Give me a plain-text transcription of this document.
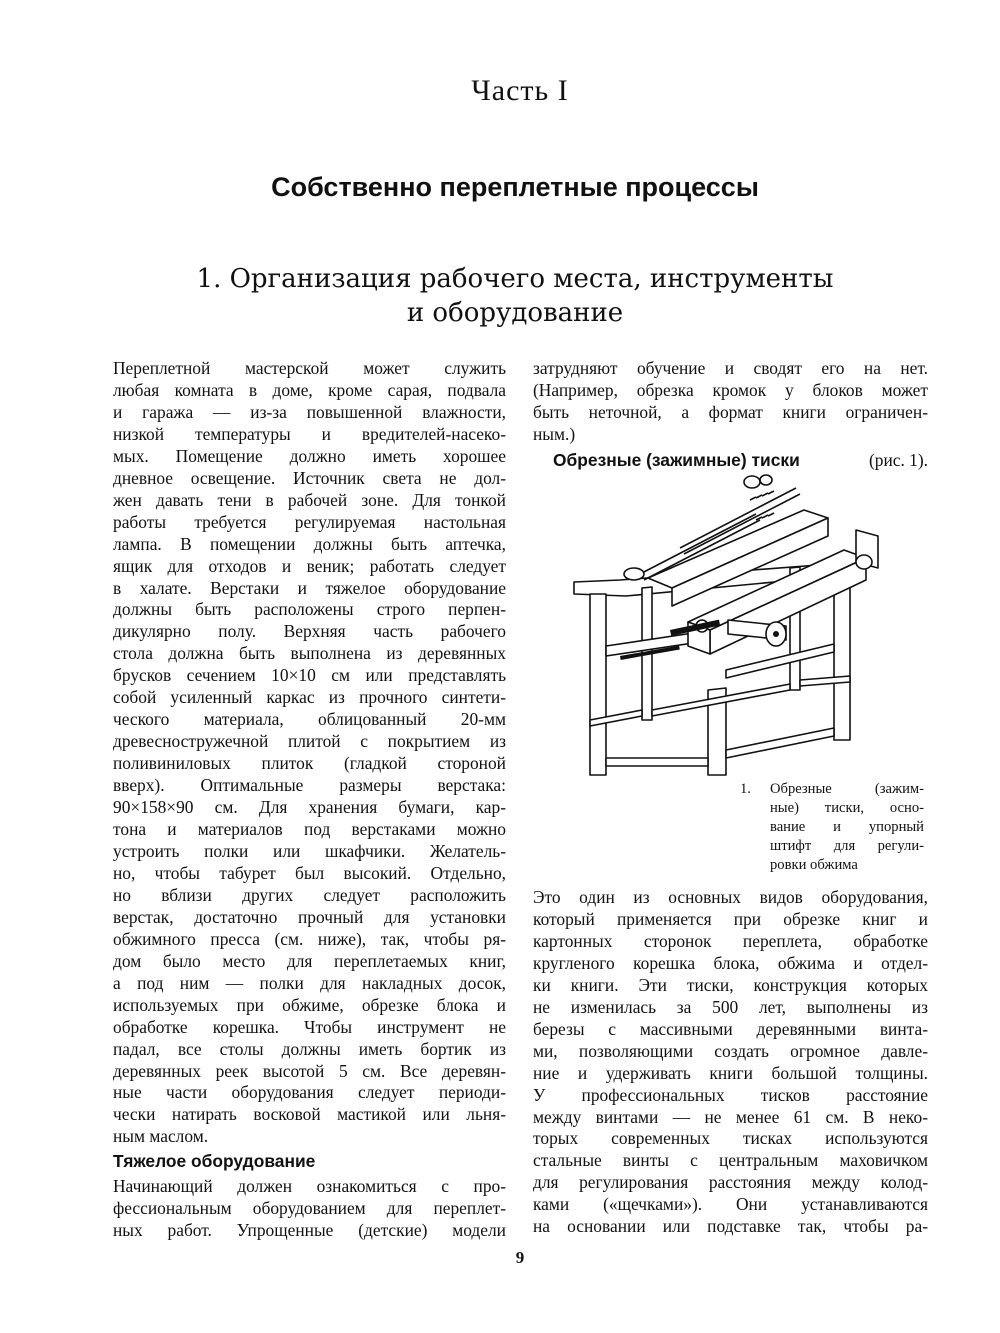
Часть I
Собственно переплетные процессы
1. Организация рабочего места, инструменты
и оборудование
Переплетной мастерской может служить
любая комната в доме, кроме сарая, подвала
и гаража — из-за повышенной влажности,
низкой температуры и вредителей-насеко-
мых. Помещение должно иметь хорошее
дневное освещение. Источник света не дол-
жен давать тени в рабочей зоне. Для тонкой
работы требуется регулируемая настольная
лампа. В помещении должны быть аптечка,
ящик для отходов и веник; работать следует
в халате. Верстаки и тяжелое оборудование
должны быть расположены строго перпен-
дикулярно полу. Верхняя часть рабочего
стола должна быть выполнена из деревянных
брусков сечением 10×10 см или представлять
собой усиленный каркас из прочного синтети-
ческого материала, облицованный 20-мм
древесностружечной плитой с покрытием из
поливиниловых плиток (гладкой стороной
вверх). Оптимальные размеры верстака:
90×158×90 см. Для хранения бумаги, кар-
тона и материалов под верстаками можно
устроить полки или шкафчики. Желатель-
но, чтобы табурет был высокий. Отдельно,
но вблизи других следует расположить
верстак, достаточно прочный для установки
обжимного пресса (см. ниже), так, чтобы ря-
дом было место для переплетаемых книг,
а под ним — полки для накладных досок,
используемых при обжиме, обрезке блока и
обработке корешка. Чтобы инструмент не
падал, все столы должны иметь бортик из
деревянных реек высотой 5 см. Все деревян-
ные части оборудования следует периоди-
чески натирать восковой мастикой или льня-
ным маслом.
Тяжелое оборудование
Начинающий должен ознакомиться с про-
фессиональным оборудованием для переплет-
ных работ. Упрощенные (детские) модели
затрудняют обучение и сводят его на нет.
(Например, обрезка кромок у блоков может
быть неточной, а формат книги ограничен-
ным.)
Обрезные (зажимные) тиски	(рис. 1).
1. Обрезные (зажим-
ные) тиски, осно-
вание и упорный
штифт для регули-
ровки обжима
Это один из основных видов оборудования,
который применяется при обрезке книг и
картонных сторонок переплета, обработке
кругленого корешка блока, обжима и отдел-
ки книги. Эти тиски, конструкция которых
не изменилась за 500 лет, выполнены из
березы с массивными деревянными винта-
ми, позволяющими создать огромное давле-
ние и удерживать книги большой толщины.
У профессиональных тисков расстояние
между винтами — не менее 61 см. В неко-
торых современных тисках используются
стальные винты с центральным маховичком
для регулирования расстояния между колод-
ками («щечками»). Они устанавливаются
на основании или подставке так, чтобы ра-
9
